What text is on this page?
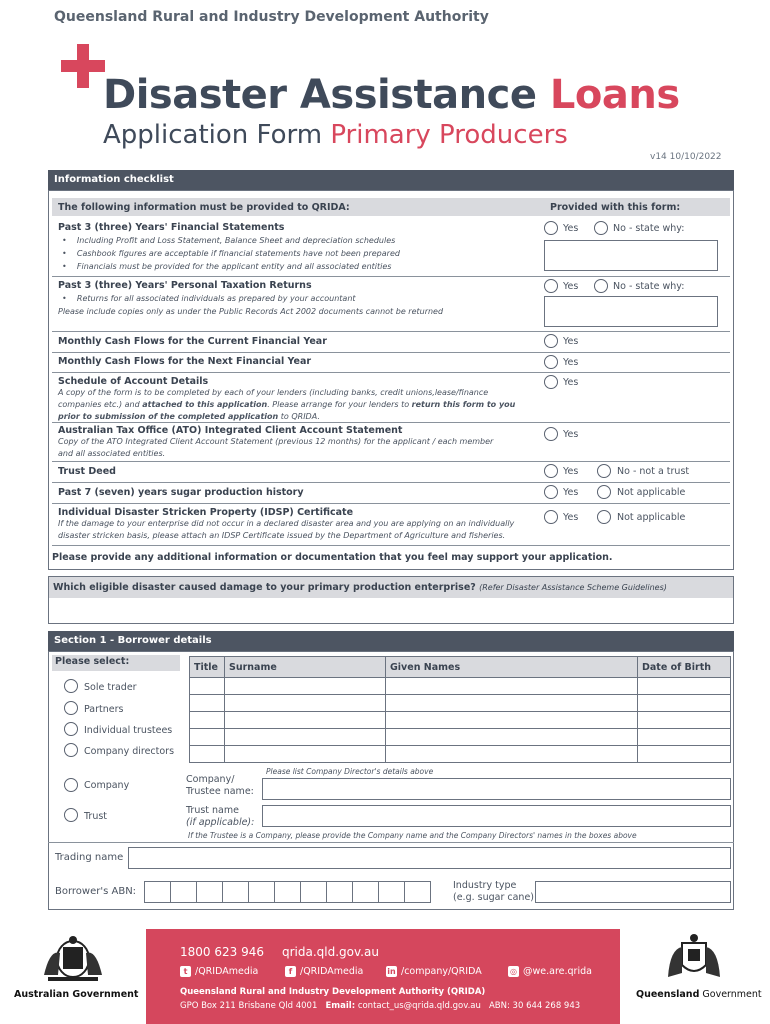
Queensland Rural and Industry Development Authority
Disaster Assistance Loans
Application Form Primary Producers
v14 10/10/2022
Information checklist
The following information must be provided to QRIDA:	Provided with this form:
Past 3 (three) Years' Financial Statements
•    Including Profit and Loss Statement, Balance Sheet and depreciation schedules
•    Cashbook figures are acceptable if financial statements have not been prepared
•    Financials must be provided for the applicant entity and all associated entities
Yes	No - state why:
Past 3 (three) Years' Personal Taxation Returns
•    Returns for all associated individuals as prepared by your accountant
Please include copies only as under the Public Records Act 2002 documents cannot be returned
Yes	No - state why:
Monthly Cash Flows for the Current Financial Year	Yes
Monthly Cash Flows for the Next Financial Year	Yes
Schedule of Account Details
A copy of the form is to be completed by each of your lenders (including banks, credit unions,lease/finance
companies etc.) and attached to this application. Please arrange for your lenders to return this form to you
prior to submission of the completed application to QRIDA.
Yes
Australian Tax Office (ATO) Integrated Client Account Statement
Copy of the ATO Integrated Client Account Statement (previous 12 months) for the applicant / each member
and all associated entities.
Yes
Trust Deed	Yes	No - not a trust
Past 7 (seven) years sugar production history	Yes	Not applicable
Individual Disaster Stricken Property (IDSP) Certificate
If the damage to your enterprise did not occur in a declared disaster area and you are applying on an individually
disaster stricken basis, please attach an IDSP Certificate issued by the Department of Agriculture and fisheries.
Yes	Not applicable
Please provide any additional information or documentation that you feel may support your application.
Which eligible disaster caused damage to your primary production enterprise? (Refer Disaster Assistance Scheme Guidelines)
Section 1 - Borrower details
Please select:	Title	Surname	Given Names	Date of Birth

Sole trader
Partners
Individual trustees
Company directors
Please list Company Director's details above
Company
Company/
Trustee name:
Trust
Trust name
(if applicable):
If the Trustee is a Company, please provide the Company name and the Company Directors' names in the boxes above
Trading name
Borrower's ABN:
Industry type
(e.g. sugar cane)
Australian Government
1800 623 946 qrida.qld.gov.au
t /QRIDAmedia	f /QRIDAmedia	in /company/QRIDA	◎ @we.are.qrida
Queensland Rural and Industry Development Authority (QRIDA)
GPO Box 211 Brisbane Qld 4001 Email: contact_us@qrida.qld.gov.au ABN: 30 644 268 943
Queensland Government
